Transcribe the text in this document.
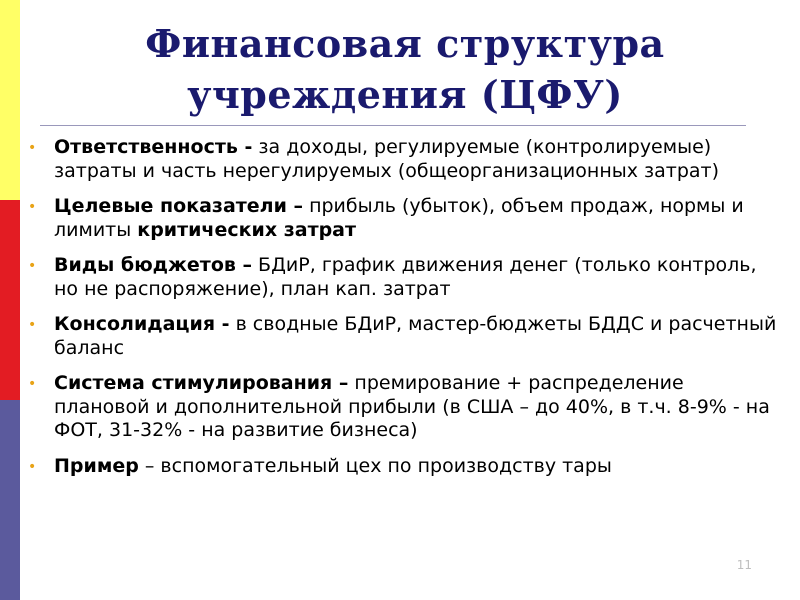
Финансовая структура
учреждения (ЦФУ)
• Ответственность - за доходы, регулируемые (контролируемые) затраты и часть нерегулируемых (общеорганизационных затрат)
• Целевые показатели – прибыль (убыток), объем продаж, нормы и лимиты критических затрат
• Виды бюджетов – БДиР, график движения денег (только контроль, но не распоряжение), план кап. затрат
• Консолидация - в сводные БДиР, мастер-бюджеты БДДС и расчетный баланс
• Система стимулирования – премирование + распределение плановой и дополнительной прибыли (в США – до 40%, в т.ч. 8-9% - на ФОТ, 31-32% - на развитие бизнеса)
• Пример – вспомогательный цех по производству тары
11
